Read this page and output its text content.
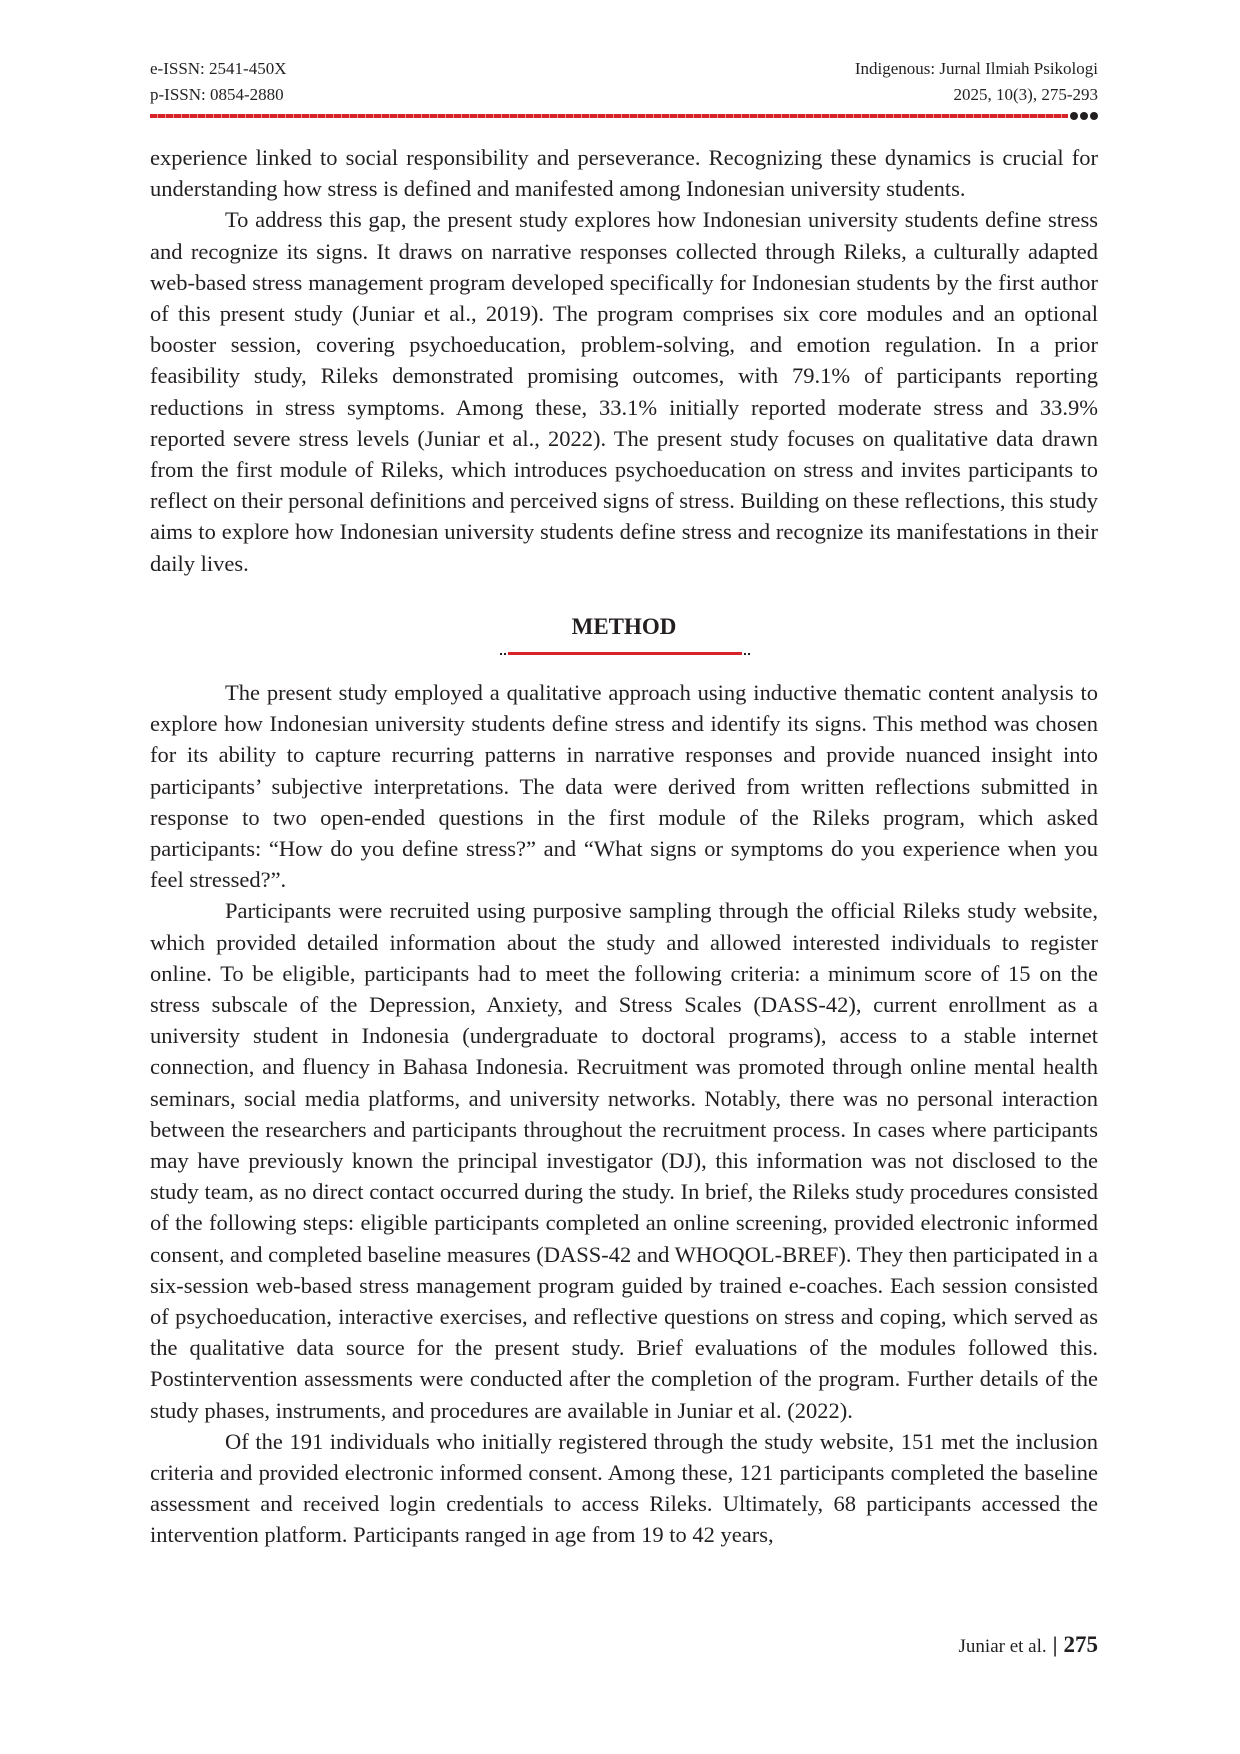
e-ISSN: 2541-450X	Indigenous: Jurnal Ilmiah Psikologi
p-ISSN: 0854-2880	2025, 10(3), 275-293

experience linked to social responsibility and perseverance. Recognizing these dynamics is crucial for understanding how stress is defined and manifested among Indonesian university students.

To address this gap, the present study explores how Indonesian university students define stress and recognize its signs. It draws on narrative responses collected through Rileks, a culturally adapted web-based stress management program developed specifically for Indonesian students by the first author of this present study (Juniar et al., 2019). The program comprises six core modules and an optional booster session, covering psychoeducation, problem-solving, and emotion regulation. In a prior feasibility study, Rileks demonstrated promising outcomes, with 79.1% of participants reporting reductions in stress symptoms. Among these, 33.1% initially reported moderate stress and 33.9% reported severe stress levels (Juniar et al., 2022). The present study focuses on qualitative data drawn from the first module of Rileks, which introduces psychoeducation on stress and invites participants to reflect on their personal definitions and perceived signs of stress. Building on these reflections, this study aims to explore how Indonesian university students define stress and recognize its manifestations in their daily lives.

METHOD

The present study employed a qualitative approach using inductive thematic content analysis to explore how Indonesian university students define stress and identify its signs. This method was chosen for its ability to capture recurring patterns in narrative responses and provide nuanced insight into participants’ subjective interpretations. The data were derived from written reflections submitted in response to two open-ended questions in the first module of the Rileks program, which asked participants: “How do you define stress?” and “What signs or symptoms do you experience when you feel stressed?”.

Participants were recruited using purposive sampling through the official Rileks study website, which provided detailed information about the study and allowed interested individuals to register online. To be eligible, participants had to meet the following criteria: a minimum score of 15 on the stress subscale of the Depression, Anxiety, and Stress Scales (DASS-42), current enrollment as a university student in Indonesia (undergraduate to doctoral programs), access to a stable internet connection, and fluency in Bahasa Indonesia. Recruitment was promoted through online mental health seminars, social media platforms, and university networks. Notably, there was no personal interaction between the researchers and participants throughout the recruitment process. In cases where participants may have previously known the principal investigator (DJ), this information was not disclosed to the study team, as no direct contact occurred during the study. In brief, the Rileks study procedures consisted of the following steps: eligible participants completed an online screening, provided electronic informed consent, and completed baseline measures (DASS-42 and WHOQOL-BREF). They then participated in a six-session web-based stress management program guided by trained e-coaches. Each session consisted of psychoeducation, interactive exercises, and reflective questions on stress and coping, which served as the qualitative data source for the present study. Brief evaluations of the modules followed this. Postintervention assessments were conducted after the completion of the program. Further details of the study phases, instruments, and procedures are available in Juniar et al. (2022).

Of the 191 individuals who initially registered through the study website, 151 met the inclusion criteria and provided electronic informed consent. Among these, 121 participants completed the baseline assessment and received login credentials to access Rileks. Ultimately, 68 participants accessed the intervention platform. Participants ranged in age from 19 to 42 years,

Juniar et al. | 275
